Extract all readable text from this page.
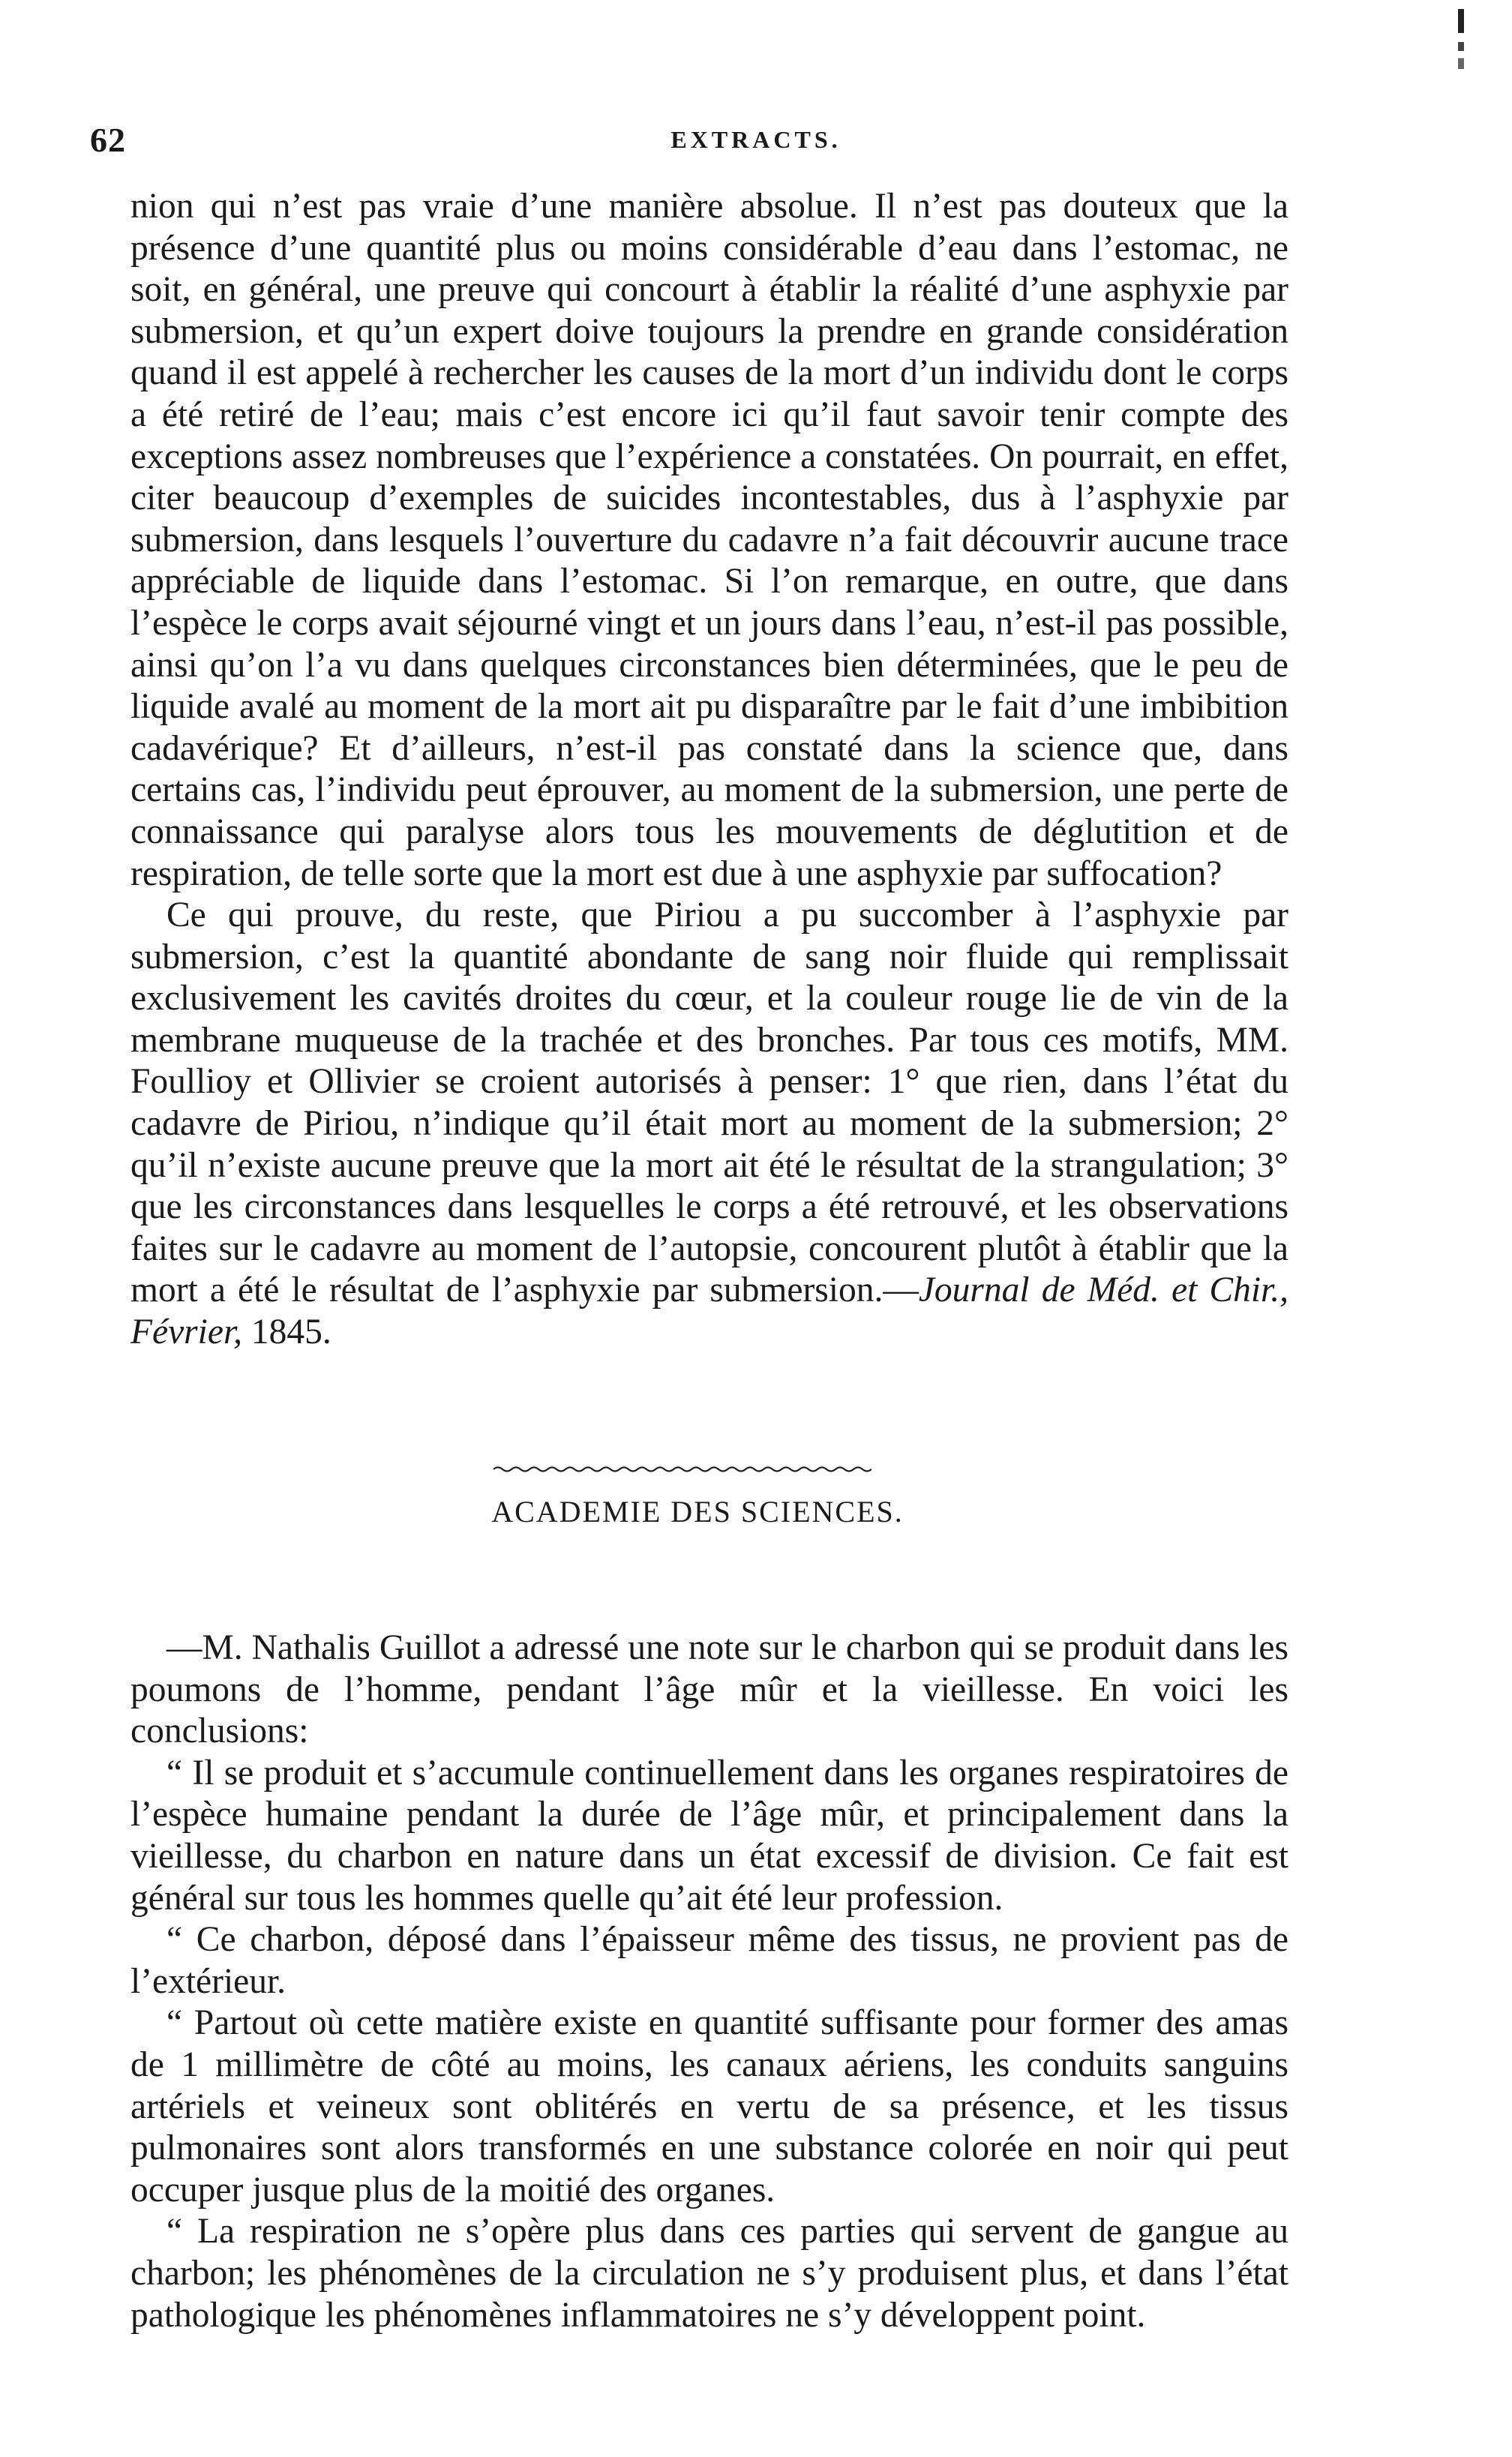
62	EXTRACTS.

nion qui n’est pas vraie d’une manière absolue. Il n’est pas douteux que la présence d’une quantité plus ou moins considérable d’eau dans l’estomac, ne soit, en général, une preuve qui concourt à établir la réalité d’une asphyxie par submersion, et qu’un expert doive toujours la prendre en grande considération quand il est appelé à rechercher les causes de la mort d’un individu dont le corps a été retiré de l’eau; mais c’est encore ici qu’il faut savoir tenir compte des exceptions assez nombreuses que l’expérience a constatées. On pourrait, en effet, citer beaucoup d’exemples de suicides incontestables, dus à l’asphyxie par submersion, dans lesquels l’ouverture du cadavre n’a fait découvrir aucune trace appréciable de liquide dans l’estomac. Si l’on remarque, en outre, que dans l’espèce le corps avait séjourné vingt et un jours dans l’eau, n’est-il pas possible, ainsi qu’on l’a vu dans quelques circonstances bien déterminées, que le peu de liquide avalé au moment de la mort ait pu disparaître par le fait d’une imbibition cadavérique? Et d’ailleurs, n’est-il pas constaté dans la science que, dans certains cas, l’individu peut éprouver, au moment de la submersion, une perte de connaissance qui paralyse alors tous les mouvements de déglutition et de respiration, de telle sorte que la mort est due à une asphyxie par suffocation?

Ce qui prouve, du reste, que Piriou a pu succomber à l’asphyxie par submersion, c’est la quantité abondante de sang noir fluide qui remplissait exclusivement les cavités droites du cœur, et la couleur rouge lie de vin de la membrane muqueuse de la trachée et des bronches. Par tous ces motifs, MM. Foullioy et Ollivier se croient autorisés à penser: 1° que rien, dans l’état du cadavre de Piriou, n’indique qu’il était mort au moment de la submersion; 2° qu’il n’existe aucune preuve que la mort ait été le résultat de la strangulation; 3° que les circonstances dans lesquelles le corps a été retrouvé, et les observations faites sur le cadavre au moment de l’autopsie, concourent plutôt à établir que la mort a été le résultat de l’asphyxie par submersion.—Journal de Méd. et Chir., Février, 1845.

ACADEMIE DES SCIENCES.

—M. Nathalis Guillot a adressé une note sur le charbon qui se produit dans les poumons de l’homme, pendant l’âge mûr et la vieillesse. En voici les conclusions:

“ Il se produit et s’accumule continuellement dans les organes respiratoires de l’espèce humaine pendant la durée de l’âge mûr, et principalement dans la vieillesse, du charbon en nature dans un état excessif de division. Ce fait est général sur tous les hommes quelle qu’ait été leur profession.

“ Ce charbon, déposé dans l’épaisseur même des tissus, ne provient pas de l’extérieur.

“ Partout où cette matière existe en quantité suffisante pour former des amas de 1 millimètre de côté au moins, les canaux aériens, les conduits sanguins artériels et veineux sont oblitérés en vertu de sa présence, et les tissus pulmonaires sont alors transformés en une substance colorée en noir qui peut occuper jusque plus de la moitié des organes.

“ La respiration ne s’opère plus dans ces parties qui servent de gangue au charbon; les phénomènes de la circulation ne s’y produisent plus, et dans l’état pathologique les phénomènes inflammatoires ne s’y développent point.
